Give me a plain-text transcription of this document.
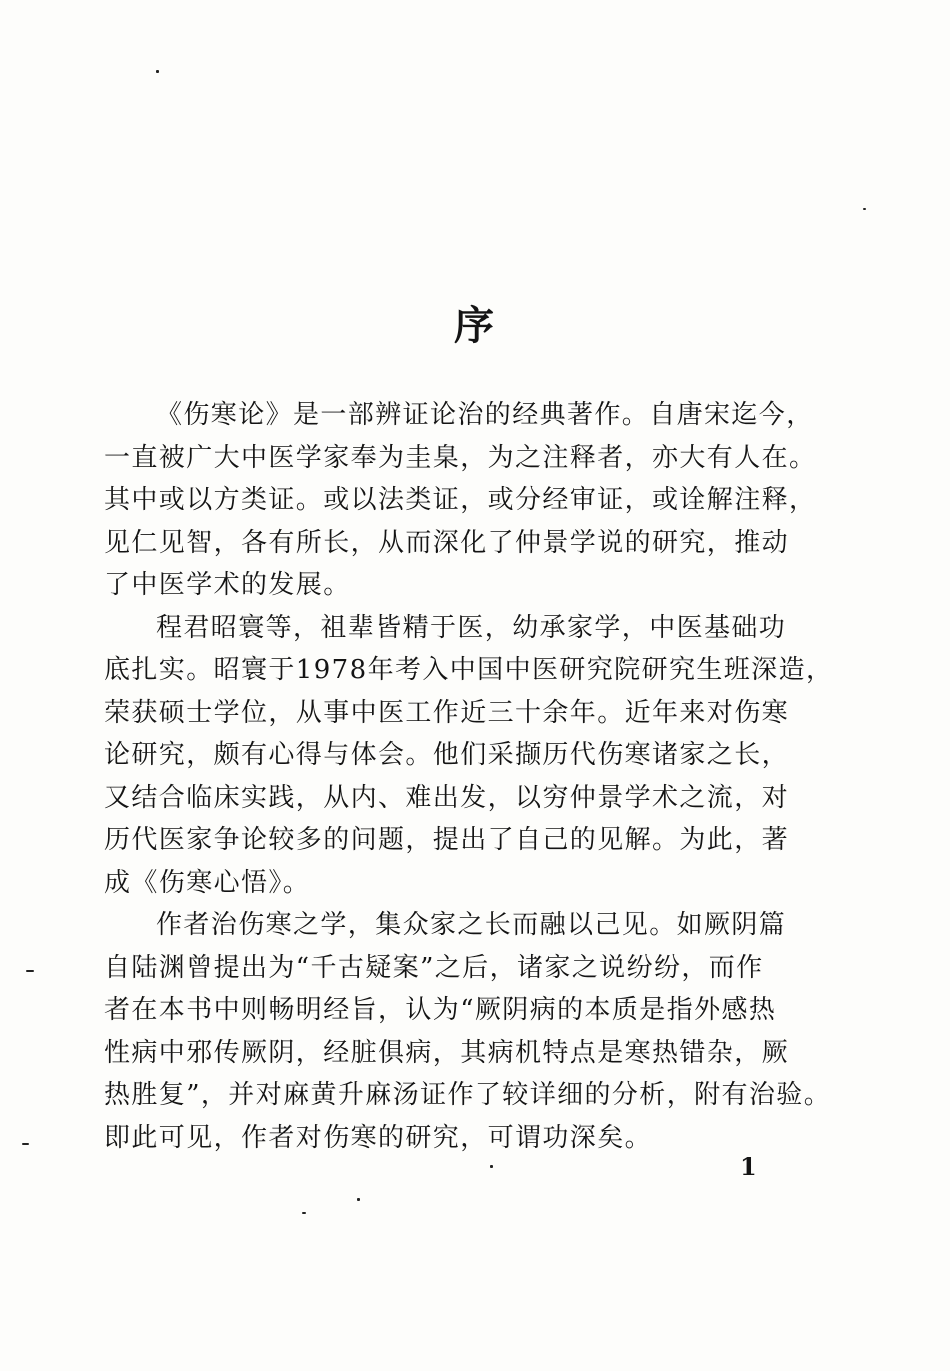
序

《伤寒论》是一部辨证论治的经典著作。自唐宋迄今，
一直被广大中医学家奉为圭臬，为之注释者，亦大有人在。
其中或以方类证。或以法类证，或分经审证，或诠解注释，
见仁见智，各有所长，从而深化了仲景学说的研究，推动
了中医学术的发展。

程君昭寰等，祖辈皆精于医，幼承家学，中医基础功
底扎实。昭寰于1978年考入中国中医研究院研究生班深造，
荣获硕士学位，从事中医工作近三十余年。近年来对伤寒
论研究，颇有心得与体会。他们采撷历代伤寒诸家之长，
又结合临床实践，从内、难出发，以穷仲景学术之流，对
历代医家争论较多的问题，提出了自己的见解。为此，著
成《伤寒心悟》。

作者治伤寒之学，集众家之长而融以己见。如厥阴篇
自陆渊曾提出为“千古疑案”之后，诸家之说纷纷，而作
者在本书中则畅明经旨，认为“厥阴病的本质是指外感热
性病中邪传厥阴，经脏俱病，其病机特点是寒热错杂，厥
热胜复”，并对麻黄升麻汤证作了较详细的分析，附有治验。
即此可见，作者对伤寒的研究，可谓功深矣。

1
